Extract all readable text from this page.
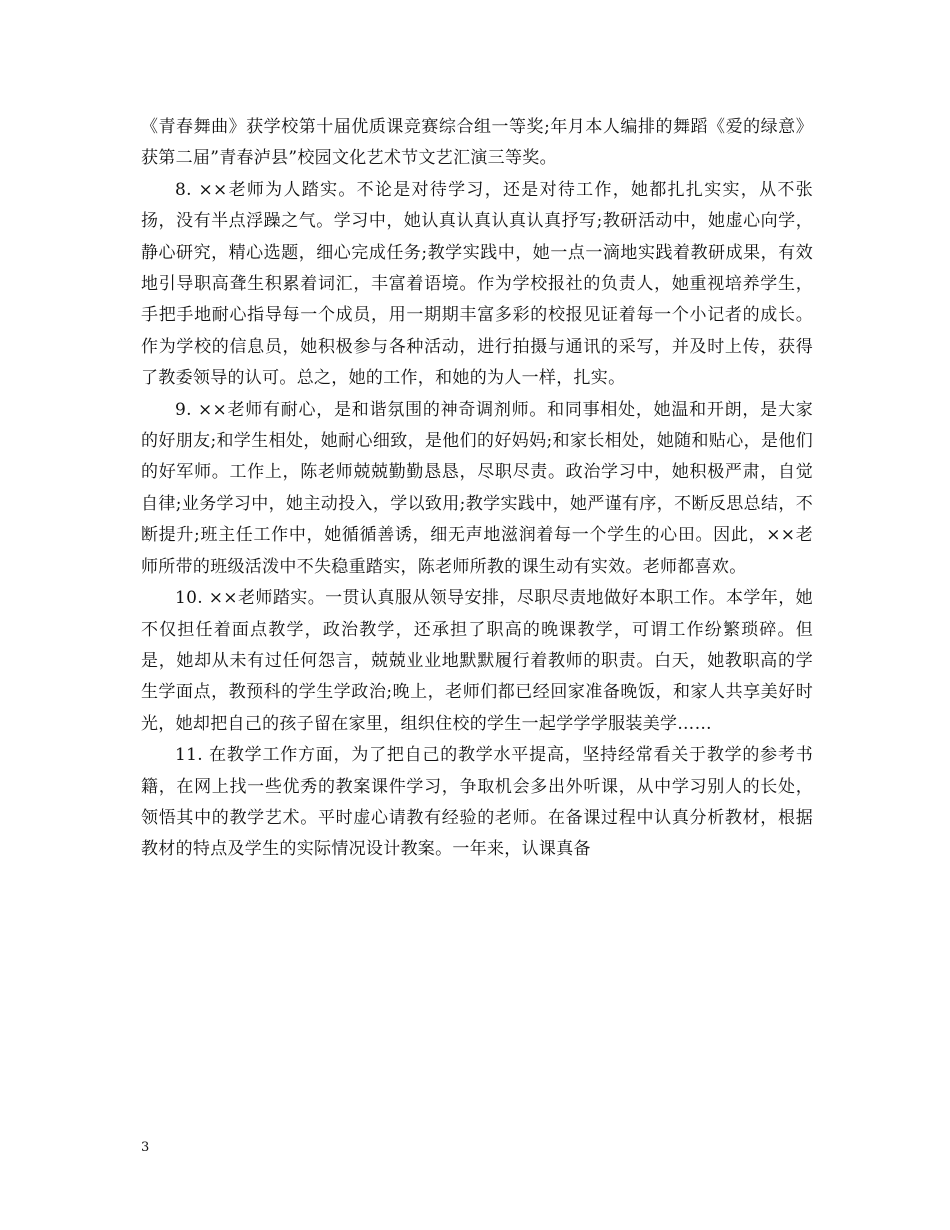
《青春舞曲》获学校第十届优质课竞赛综合组一等奖;年月本人编排的舞蹈《爱的绿意》获第二届”青春泸县”校园文化艺术节文艺汇演三等奖。

8. ××老师为人踏实。不论是对待学习，还是对待工作，她都扎扎实实，从不张扬，没有半点浮躁之气。学习中，她认真认真认真认真抒写;教研活动中，她虚心向学，静心研究，精心选题，细心完成任务;教学实践中，她一点一滴地实践着教研成果，有效地引导职高聋生积累着词汇，丰富着语境。作为学校报社的负责人，她重视培养学生，手把手地耐心指导每一个成员，用一期期丰富多彩的校报见证着每一个小记者的成长。作为学校的信息员，她积极参与各种活动，进行拍摄与通讯的采写，并及时上传，获得了教委领导的认可。总之，她的工作，和她的为人一样，扎实。

9. ××老师有耐心，是和谐氛围的神奇调剂师。和同事相处，她温和开朗，是大家的好朋友;和学生相处，她耐心细致，是他们的好妈妈;和家长相处，她随和贴心，是他们的好军师。工作上，陈老师兢兢勤勤恳恳，尽职尽责。政治学习中，她积极严肃，自觉自律;业务学习中，她主动投入，学以致用;教学实践中，她严谨有序，不断反思总结，不断提升;班主任工作中，她循循善诱，细无声地滋润着每一个学生的心田。因此，××老师所带的班级活泼中不失稳重踏实，陈老师所教的课生动有实效。老师都喜欢。

10. ××老师踏实。一贯认真服从领导安排，尽职尽责地做好本职工作。本学年，她不仅担任着面点教学，政治教学，还承担了职高的晚课教学，可谓工作纷繁琐碎。但是，她却从未有过任何怨言，兢兢业业地默默履行着教师的职责。白天，她教职高的学生学面点，教预科的学生学政治;晚上，老师们都已经回家准备晚饭，和家人共享美好时光，她却把自己的孩子留在家里，组织住校的学生一起学学学服装美学……

11. 在教学工作方面，为了把自己的教学水平提高，坚持经常看关于教学的参考书籍，在网上找一些优秀的教案课件学习，争取机会多出外听课，从中学习别人的长处，领悟其中的教学艺术。平时虚心请教有经验的老师。在备课过程中认真分析教材，根据教材的特点及学生的实际情况设计教案。一年来，认课真备

3
